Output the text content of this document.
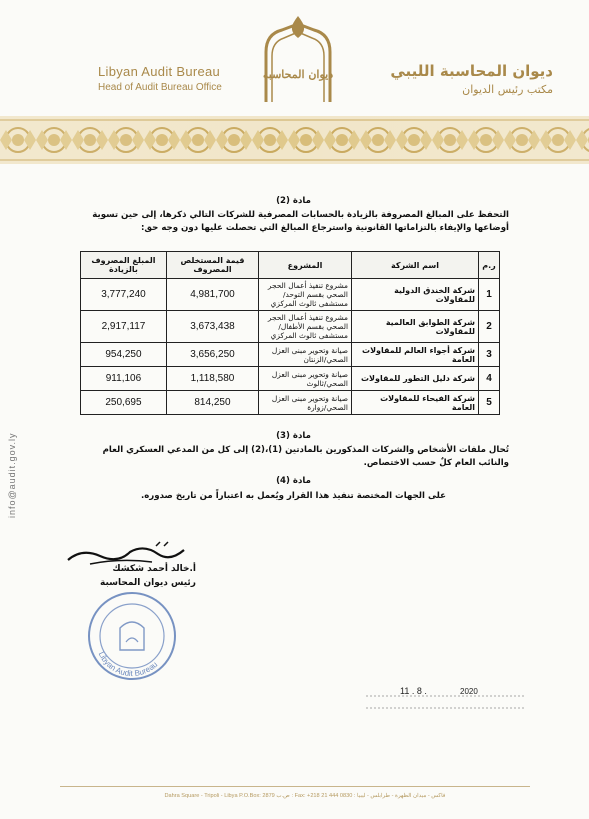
Libyan Audit Bureau
Head of Audit Bureau Office
ديوان المحاسبة	ديوان المحاسبة الليبي
مكتب رئيس الديوان
info@audit.gov.ly
مادة (2)
التحفظ على المبالغ المصروفة بالزيادة بالحسابات المصرفية للشركات التالي ذكرها، إلى حين تسوية أوضاعها والإيفاء بالتزاماتها القانونية واسترجاع المبالغ التي تحصلت عليها دون وجه حق:
ر.م	اسم الشركة	المشروع	قيمة المستخلص المصروف	المبلغ المصروف بالزيادة
1	شركة الخندق الدولية للمقاولات	مشروع تنفيذ أعمال الحجر الصحي بقسم التوحد/ مستشفى ثالوث المركزي	4,981,700	3,777,240
2	شركة الطوابق العالمية للمقاولات	مشروع تنفيذ أعمال الحجر الصحي بقسم الأطفال/ مستشفى ثالوث المركزي	3,673,438	2,917,117
3	شركة أجواء العالم للمقاولات العامة	صيانة وتحوير مبنى العزل الصحي/الزنتان	3,656,250	954,250
4	شركة دليل التطور للمقاولات	صيانة وتحوير مبنى العزل الصحي/ثالوث	1,118,580	911,106
5	شركة الفيحاء للمقاولات العامة	صيانة وتحوير مبنى العزل الصحي/زوارة	814,250	250,695
مادة (3)
تُحال ملفات الأشخاص والشركات المذكورين بالمادتين (1)،(2) إلى كل من المدعي العسكري العام والنائب العام كلٌ حسب الاختصاص.
مادة (4)
على الجهات المختصة تنفيذ هذا القرار ويُعمل به اعتباراً من تاريخ صدوره.
أ.خالد أحمد شكشك
رئيس ديوان المحاسبة
Libyan Audit Bureau
11 . 8 .	2020
Dahra Square - Tripoli - Libya P.O.Box: 2879 ص.ب : Fax: +218 21 444 0830 : فاكس - ميدان الظهرة - طرابلس - ليبيا
